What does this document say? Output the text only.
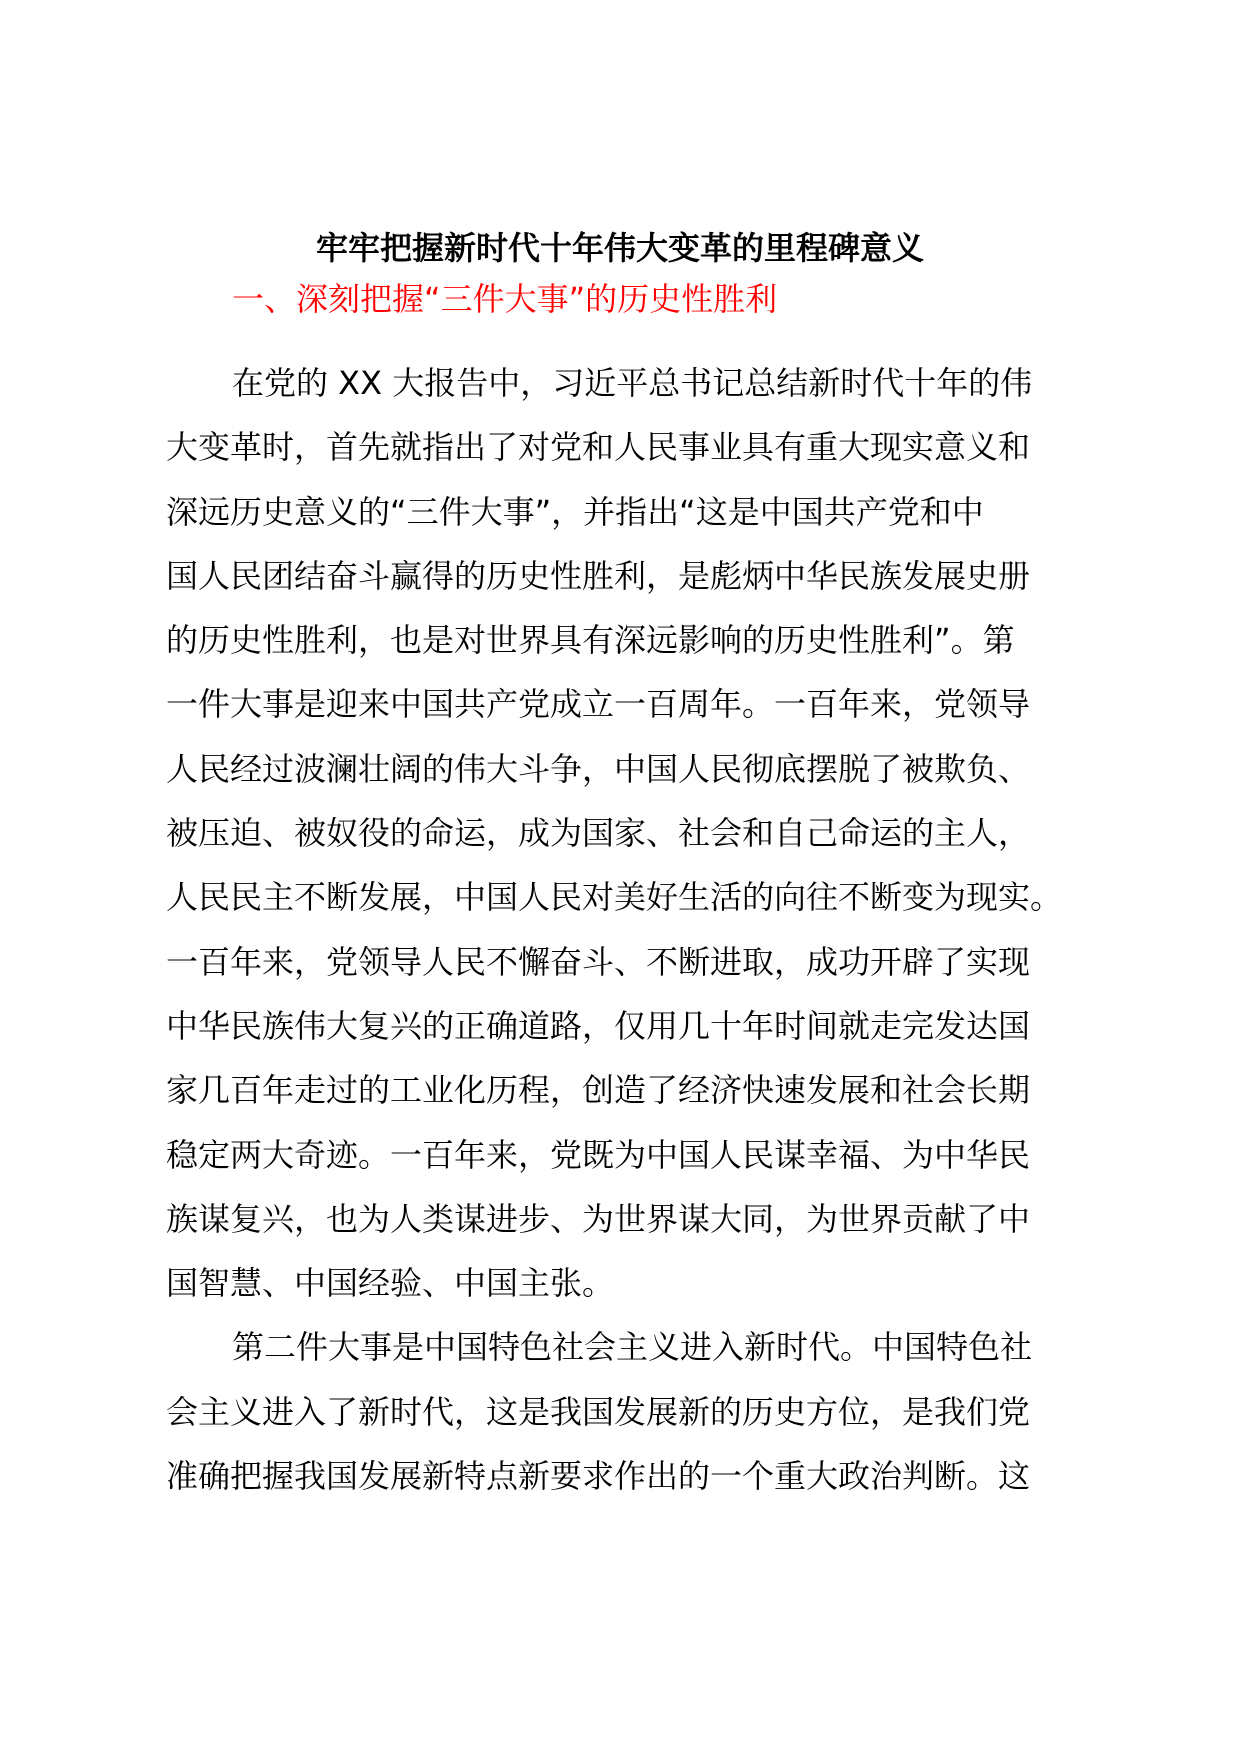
牢牢把握新时代十年伟大变革的里程碑意义
一、深刻把握“三件大事”的历史性胜利
在党的 XX 大报告中，习近平总书记总结新时代十年的伟
大变革时，首先就指出了对党和人民事业具有重大现实意义和
深远历史意义的“三件大事”，并指出“这是中国共产党和中
国人民团结奋斗赢得的历史性胜利，是彪炳中华民族发展史册
的历史性胜利，也是对世界具有深远影响的历史性胜利”。第
一件大事是迎来中国共产党成立一百周年。一百年来，党领导
人民经过波澜壮阔的伟大斗争，中国人民彻底摆脱了被欺负、
被压迫、被奴役的命运，成为国家、社会和自己命运的主人，
人民民主不断发展，中国人民对美好生活的向往不断变为现实。
一百年来，党领导人民不懈奋斗、不断进取，成功开辟了实现
中华民族伟大复兴的正确道路，仅用几十年时间就走完发达国
家几百年走过的工业化历程，创造了经济快速发展和社会长期
稳定两大奇迹。一百年来，党既为中国人民谋幸福、为中华民
族谋复兴，也为人类谋进步、为世界谋大同，为世界贡献了中
国智慧、中国经验、中国主张。
第二件大事是中国特色社会主义进入新时代。中国特色社
会主义进入了新时代，这是我国发展新的历史方位，是我们党
准确把握我国发展新特点新要求作出的一个重大政治判断。这
